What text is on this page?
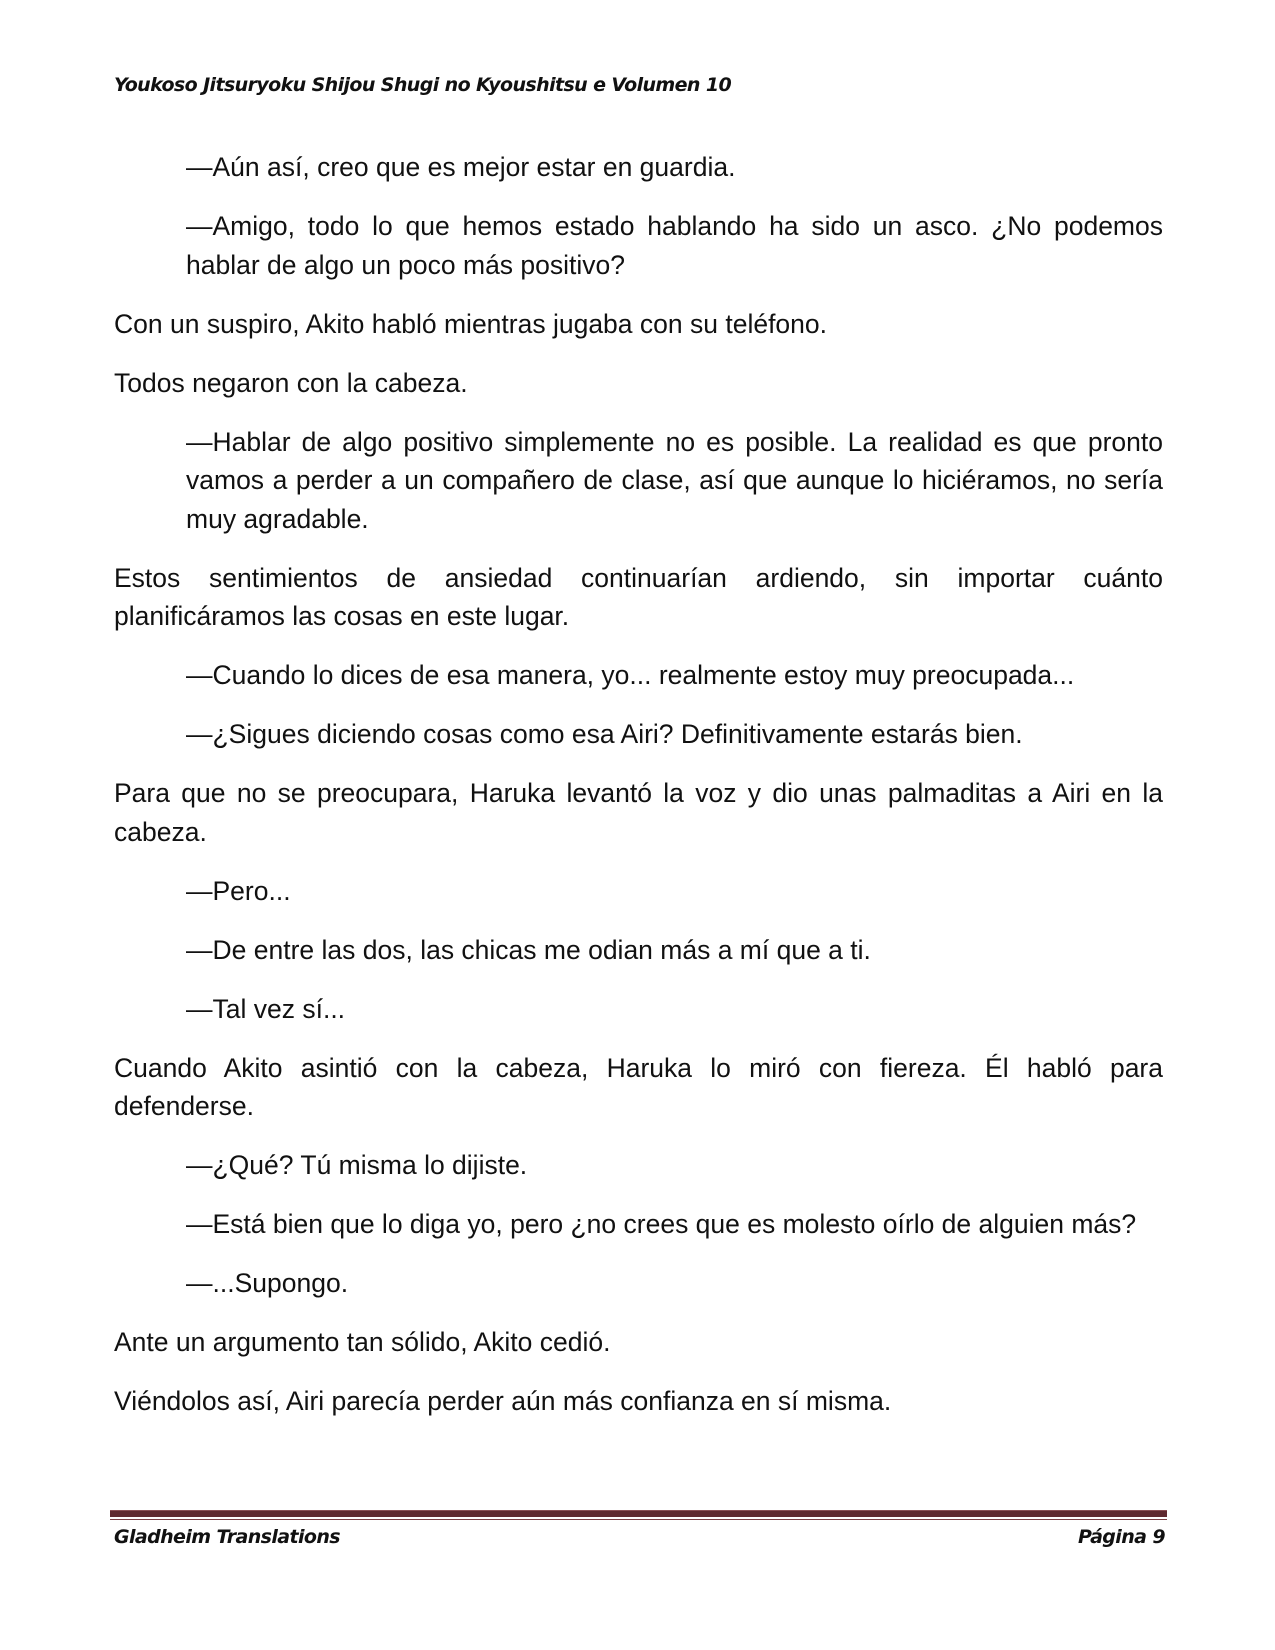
Youkoso Jitsuryoku Shijou Shugi no Kyoushitsu e Volumen 10

—Aún así, creo que es mejor estar en guardia.

—Amigo, todo lo que hemos estado hablando ha sido un asco. ¿No podemos hablar de algo un poco más positivo?

Con un suspiro, Akito habló mientras jugaba con su teléfono.

Todos negaron con la cabeza.

—Hablar de algo positivo simplemente no es posible. La realidad es que pronto vamos a perder a un compañero de clase, así que aunque lo hiciéramos, no sería muy agradable.

Estos sentimientos de ansiedad continuarían ardiendo, sin importar cuánto planificáramos las cosas en este lugar.

—Cuando lo dices de esa manera, yo... realmente estoy muy preocupada...

—¿Sigues diciendo cosas como esa Airi? Definitivamente estarás bien.

Para que no se preocupara, Haruka levantó la voz y dio unas palmaditas a Airi en la cabeza.

—Pero...

—De entre las dos, las chicas me odian más a mí que a ti.

—Tal vez sí...

Cuando Akito asintió con la cabeza, Haruka lo miró con fiereza. Él habló para defenderse.

—¿Qué? Tú misma lo dijiste.

—Está bien que lo diga yo, pero ¿no crees que es molesto oírlo de alguien más?

—...Supongo.

Ante un argumento tan sólido, Akito cedió.

Viéndolos así, Airi parecía perder aún más confianza en sí misma.

Gladheim Translations	Página 9
